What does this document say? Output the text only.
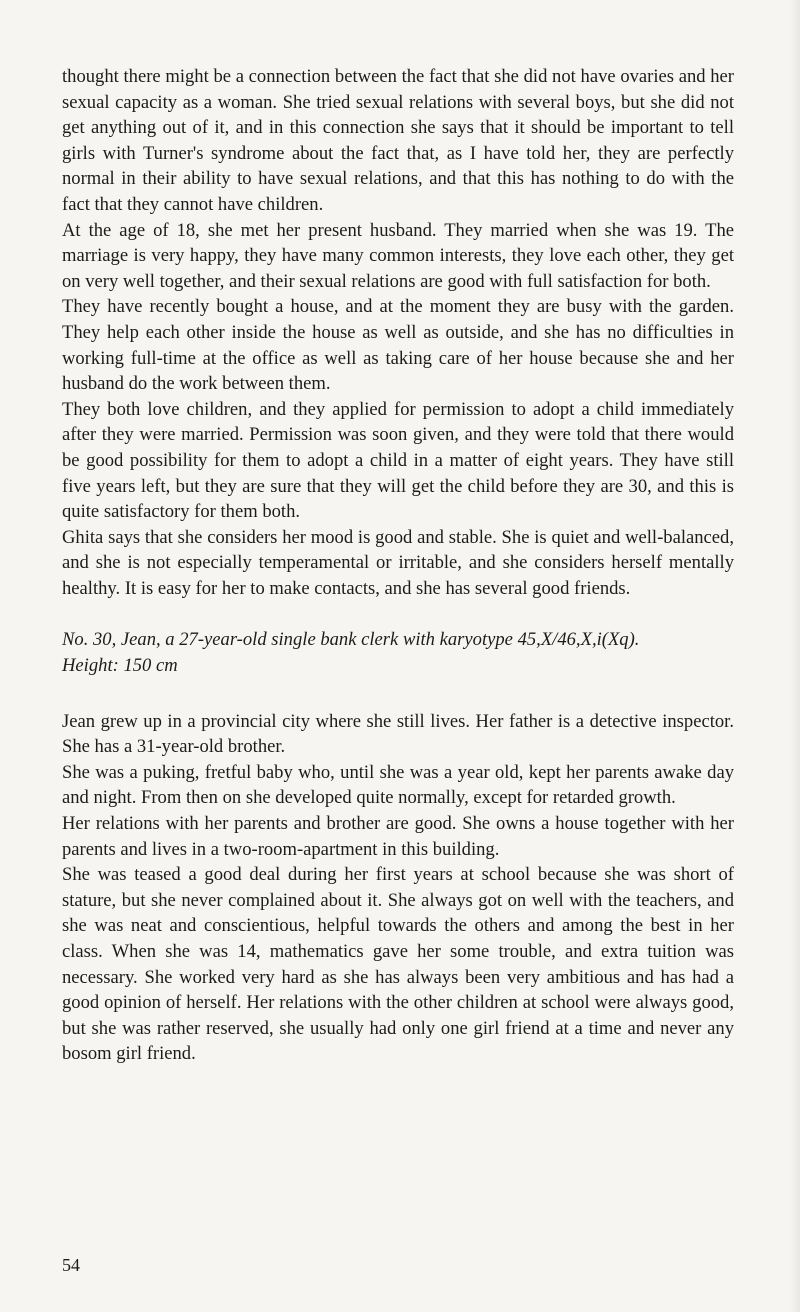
thought there might be a connection between the fact that she did not have ovaries and her sexual capacity as a woman. She tried sexual relations with several boys, but she did not get anything out of it, and in this connection she says that it should be important to tell girls with Turner's syndrome about the fact that, as I have told her, they are perfectly normal in their ability to have sexual relations, and that this has nothing to do with the fact that they cannot have children.

At the age of 18, she met her present husband. They married when she was 19. The marriage is very happy, they have many common interests, they love each other, they get on very well together, and their sexual relations are good with full satisfaction for both.

They have recently bought a house, and at the moment they are busy with the garden. They help each other inside the house as well as outside, and she has no difficulties in working full-time at the office as well as taking care of her house because she and her husband do the work between them.

They both love children, and they applied for permission to adopt a child immediately after they were married. Permission was soon given, and they were told that there would be good possibility for them to adopt a child in a matter of eight years. They have still five years left, but they are sure that they will get the child before they are 30, and this is quite satisfactory for them both.

Ghita says that she considers her mood is good and stable. She is quiet and well-balanced, and she is not especially temperamental or irritable, and she considers herself mentally healthy. It is easy for her to make contacts, and she has several good friends.

No. 30, Jean, a 27-year-old single bank clerk with karyotype 45,X/46,X,i(Xq).
Height: 150 cm

Jean grew up in a provincial city where she still lives. Her father is a detective inspector. She has a 31-year-old brother.

She was a puking, fretful baby who, until she was a year old, kept her parents awake day and night. From then on she developed quite normally, except for retarded growth.

Her relations with her parents and brother are good. She owns a house together with her parents and lives in a two-room-apartment in this building.

She was teased a good deal during her first years at school because she was short of stature, but she never complained about it. She always got on well with the teachers, and she was neat and conscientious, helpful towards the others and among the best in her class. When she was 14, mathematics gave her some trouble, and extra tuition was necessary. She worked very hard as she has always been very ambitious and has had a good opinion of herself. Her relations with the other children at school were always good, but she was rather reserved, she usually had only one girl friend at a time and never any bosom girl friend.

54
